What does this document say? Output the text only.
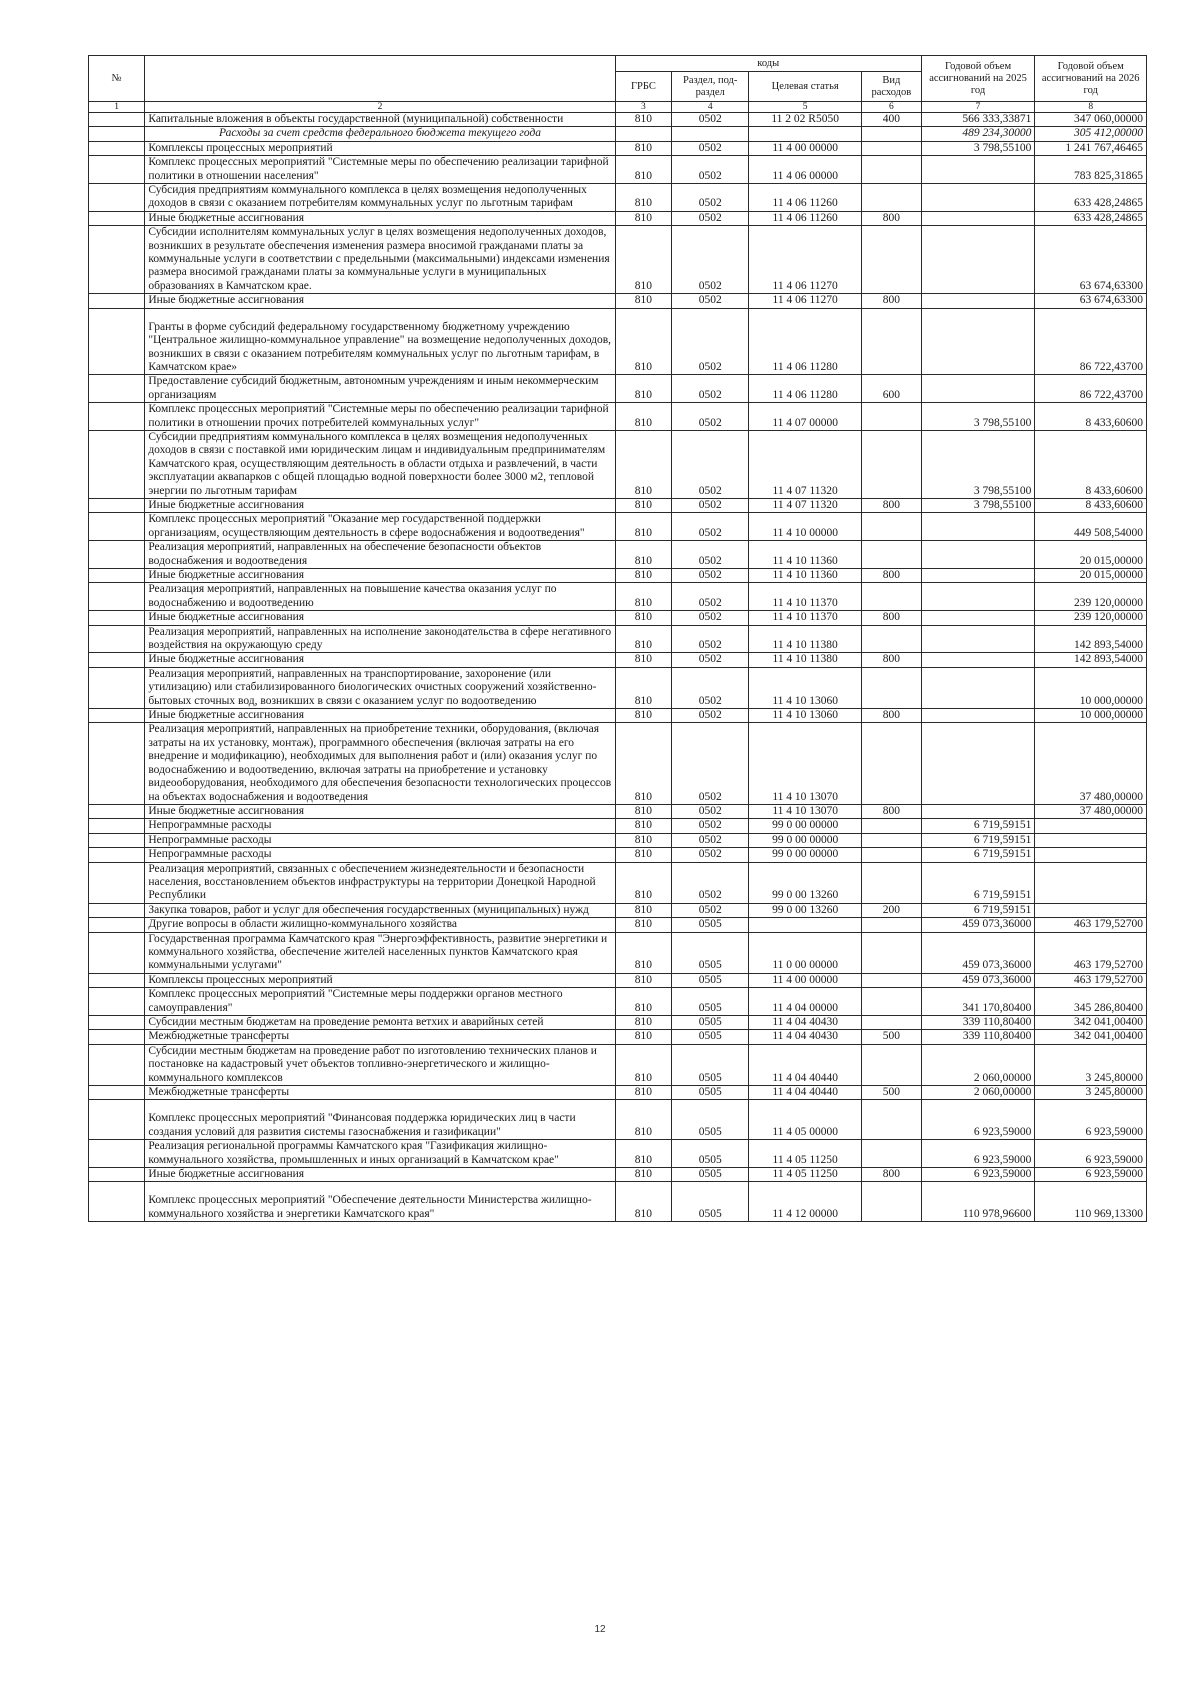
№		коды				Годовой объем ассигнований на 2025 год	Годовой объем ассигнований на 2026 год
		ГРБС	Раздел, под-раздел	Целевая статья	Вид расходов		
1	2	3	4	5	6	7	8
	Капитальные вложения в объекты государственной (муниципальной) собственности	810	0502	11 2 02 R5050	400	566 333,33871	347 060,00000
	Расходы за счет средств федерального бюджета текущего года					489 234,30000	305 412,00000
	Комплексы процессных мероприятий	810	0502	11 4 00 00000		3 798,55100	1 241 767,46465
	Комплекс процессных мероприятий "Системные меры по обеспечению реализации тарифной политики в отношении населения"	810	0502	11 4 06 00000			783 825,31865
	Субсидия предприятиям коммунального комплекса в целях возмещения недополученных доходов в связи с оказанием потребителям коммунальных услуг по льготным тарифам	810	0502	11 4 06 11260			633 428,24865
	Иные бюджетные ассигнования	810	0502	11 4 06 11260	800		633 428,24865
	Субсидии исполнителям коммунальных услуг в целях возмещения недополученных доходов, возникших в результате обеспечения изменения размера вносимой гражданами платы за коммунальные услуги в соответствии с предельными (максимальными) индексами изменения размера вносимой гражданами платы за коммунальные услуги в муниципальных образованиях в Камчатском крае.	810	0502	11 4 06 11270			63 674,63300
	Иные бюджетные ассигнования	810	0502	11 4 06 11270	800		63 674,63300
	Гранты в форме субсидий федеральному государственному бюджетному учреждению "Центральное жилищно-коммунальное управление" на возмещение недополученных доходов, возникших в связи с оказанием потребителям коммунальных услуг по льготным тарифам, в Камчатском крае»	810	0502	11 4 06 11280			86 722,43700
	Предоставление субсидий бюджетным, автономным учреждениям и иным некоммерческим организациям	810	0502	11 4 06 11280	600		86 722,43700
	Комплекс процессных мероприятий "Системные меры по обеспечению реализации тарифной политики в отношении прочих потребителей коммунальных услуг"	810	0502	11 4 07 00000		3 798,55100	8 433,60600
	Субсидии предприятиям коммунального комплекса в целях возмещения недополученных доходов в связи с поставкой ими юридическим лицам и индивидуальным предпринимателям Камчатского края, осуществляющим деятельность в области отдыха и развлечений, в части эксплуатации аквапарков с общей площадью водной поверхности более 3000 м2, тепловой энергии по льготным тарифам	810	0502	11 4 07 11320		3 798,55100	8 433,60600
	Иные бюджетные ассигнования	810	0502	11 4 07 11320	800	3 798,55100	8 433,60600
	Комплекс процессных мероприятий "Оказание мер государственной поддержки организациям, осуществляющим деятельность в сфере водоснабжения и водоотведения"	810	0502	11 4 10 00000			449 508,54000
	Реализация мероприятий, направленных на обеспечение безопасности объектов водоснабжения и водоотведения	810	0502	11 4 10 11360			20 015,00000
	Иные бюджетные ассигнования	810	0502	11 4 10 11360	800		20 015,00000
	Реализация мероприятий, направленных на повышение качества оказания услуг по водоснабжению и водоотведению	810	0502	11 4 10 11370			239 120,00000
	Иные бюджетные ассигнования	810	0502	11 4 10 11370	800		239 120,00000
	Реализация мероприятий, направленных на исполнение законодательства в сфере негативного воздействия на окружающую среду	810	0502	11 4 10 11380			142 893,54000
	Иные бюджетные ассигнования	810	0502	11 4 10 11380	800		142 893,54000
	Реализация мероприятий, направленных на транспортирование, захоронение (или утилизацию) или стабилизированного биологических очистных сооружений хозяйственно-бытовых сточных вод, возникших в связи с оказанием услуг по водоотведению	810	0502	11 4 10 13060			10 000,00000
	Иные бюджетные ассигнования	810	0502	11 4 10 13060	800		10 000,00000
	Реализация мероприятий, направленных на приобретение техники, оборудования, (включая затраты на их установку, монтаж), программного обеспечения (включая затраты на его внедрение и модификацию), необходимых для выполнения работ и (или) оказания услуг по водоснабжению и водоотведению, включая затраты на приобретение и установку видеооборудования, необходимого для обеспечения безопасности технологических процессов на объектах водоснабжения и водоотведения	810	0502	11 4 10 13070			37 480,00000
	Иные бюджетные ассигнования	810	0502	11 4 10 13070	800		37 480,00000
	Непрограммные расходы	810	0502	99 0 00 00000		6 719,59151	
	Непрограммные расходы	810	0502	99 0 00 00000		6 719,59151	
	Непрограммные расходы	810	0502	99 0 00 00000		6 719,59151	
	Реализация мероприятий, связанных с обеспечением жизнедеятельности и безопасности населения, восстановлением объектов инфраструктуры на территории Донецкой Народной Республики	810	0502	99 0 00 13260		6 719,59151	
	Закупка товаров, работ и услуг для обеспечения государственных (муниципальных) нужд	810	0502	99 0 00 13260	200	6 719,59151	
	Другие вопросы в области жилищно-коммунального хозяйства	810	0505			459 073,36000	463 179,52700
	Государственная программа Камчатского края "Энергоэффективность, развитие энергетики и коммунального хозяйства, обеспечение жителей населенных пунктов Камчатского края коммунальными услугами"	810	0505	11 0 00 00000		459 073,36000	463 179,52700
	Комплексы процессных мероприятий	810	0505	11 4 00 00000		459 073,36000	463 179,52700
	Комплекс процессных мероприятий "Системные меры поддержки органов местного самоуправления"	810	0505	11 4 04 00000		341 170,80400	345 286,80400
	Субсидии местным бюджетам на проведение ремонта ветхих и аварийных сетей	810	0505	11 4 04 40430		339 110,80400	342 041,00400
	Межбюджетные трансферты	810	0505	11 4 04 40430	500	339 110,80400	342 041,00400
	Субсидии местным бюджетам на проведение работ по изготовлению технических планов и постановке на кадастровый учет объектов топливно-энергетического и жилищно-коммунального комплексов	810	0505	11 4 04 40440		2 060,00000	3 245,80000
	Межбюджетные трансферты	810	0505	11 4 04 40440	500	2 060,00000	3 245,80000
	Комплекс процессных мероприятий "Финансовая поддержка юридических лиц в части создания условий для развития системы газоснабжения и газификации"	810	0505	11 4 05 00000		6 923,59000	6 923,59000
	Реализация региональной программы Камчатского края "Газификация жилищно-коммунального хозяйства, промышленных и иных организаций в Камчатском крае"	810	0505	11 4 05 11250		6 923,59000	6 923,59000
	Иные бюджетные ассигнования	810	0505	11 4 05 11250	800	6 923,59000	6 923,59000
	Комплекс процессных мероприятий "Обеспечение деятельности Министерства жилищно-коммунального хозяйства и энергетики Камчатского края"	810	0505	11 4 12 00000		110 978,96600	110 969,13300
12
